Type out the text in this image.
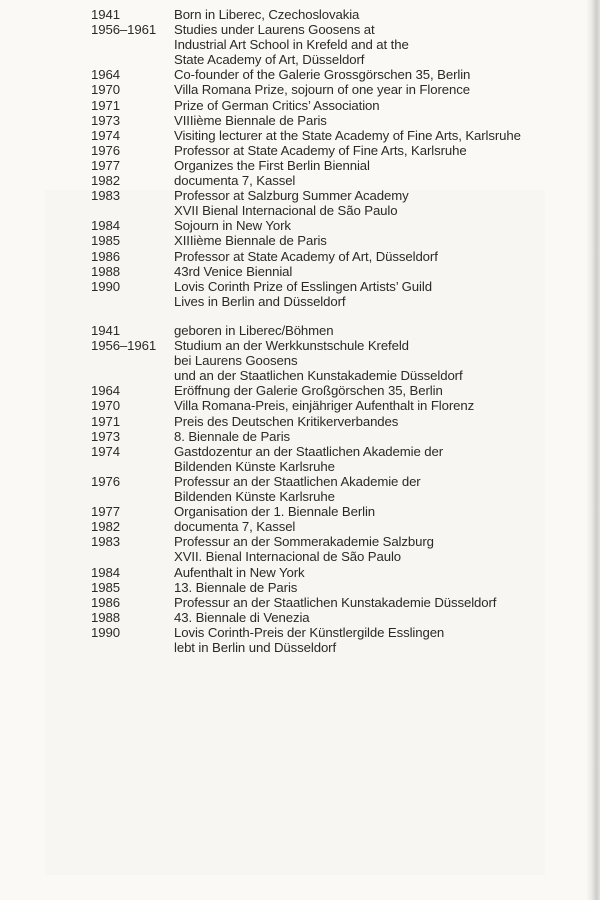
1941	Born in Liberec, Czechoslovakia
1956–1961	Studies under Laurens Goosens at
Industrial Art School in Krefeld and at the
State Academy of Art, Düsseldorf
1964	Co-founder of the Galerie Grossgörschen 35, Berlin
1970	Villa Romana Prize, sojourn of one year in Florence
1971	Prize of German Critics’ Association
1973	VIIIième Biennale de Paris
1974	Visiting lecturer at the State Academy of Fine Arts, Karlsruhe
1976	Professor at State Academy of Fine Arts, Karlsruhe
1977	Organizes the First Berlin Biennial
1982	documenta 7, Kassel
1983	Professor at Salzburg Summer Academy
XVII Bienal Internacional de São Paulo
1984	Sojourn in New York
1985	XIIIième Biennale de Paris
1986	Professor at State Academy of Art, Düsseldorf
1988	43rd Venice Biennial
1990	Lovis Corinth Prize of Esslingen Artists’ Guild
Lives in Berlin and Düsseldorf
1941	geboren in Liberec/Böhmen
1956–1961	Studium an der Werkkunstschule Krefeld
bei Laurens Goosens
und an der Staatlichen Kunstakademie Düsseldorf
1964	Eröffnung der Galerie Großgörschen 35, Berlin
1970	Villa Romana-Preis, einjähriger Aufenthalt in Florenz
1971	Preis des Deutschen Kritikerverbandes
1973	8. Biennale de Paris
1974	Gastdozentur an der Staatlichen Akademie der
Bildenden Künste Karlsruhe
1976	Professur an der Staatlichen Akademie der
Bildenden Künste Karlsruhe
1977	Organisation der 1. Biennale Berlin
1982	documenta 7, Kassel
1983	Professur an der Sommerakademie Salzburg
XVII. Bienal Internacional de São Paulo
1984	Aufenthalt in New York
1985	13. Biennale de Paris
1986	Professur an der Staatlichen Kunstakademie Düsseldorf
1988	43. Biennale di Venezia
1990	Lovis Corinth-Preis der Künstlergilde Esslingen
lebt in Berlin und Düsseldorf
